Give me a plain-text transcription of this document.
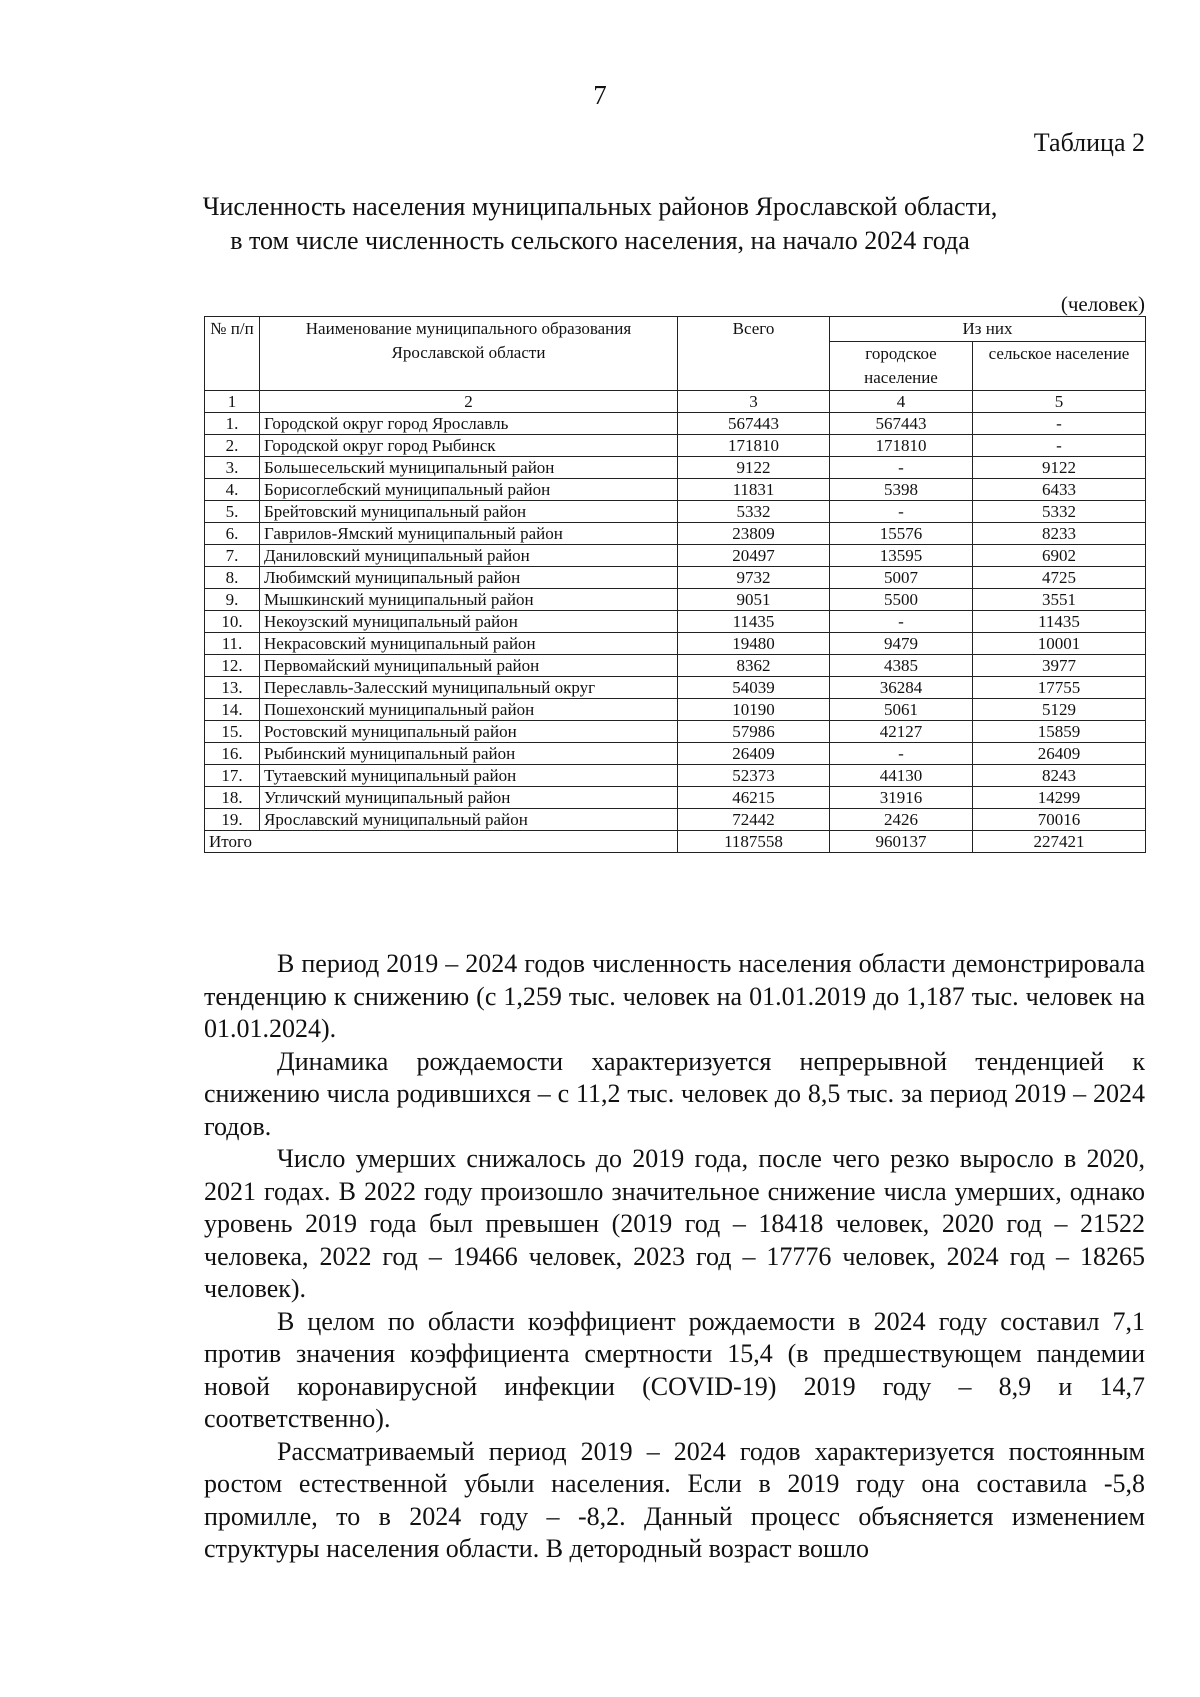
7
Таблица 2
Численность населения муниципальных районов Ярославской области,
в том числе численность сельского населения, на начало 2024 года
(человек)
№ п/п	Наименование муниципального образования Ярославской области	Всего	Из них	
			городское население	сельское население
1	2	3	4	5
1.	Городской округ город Ярославль	567443	567443	-
2.	Городской округ город Рыбинск	171810	171810	-
3.	Большесельский муниципальный район	9122	-	9122
4.	Борисоглебский муниципальный район	11831	5398	6433
5.	Брейтовский муниципальный район	5332	-	5332
6.	Гаврилов-Ямский муниципальный район	23809	15576	8233
7.	Даниловский муниципальный район	20497	13595	6902
8.	Любимский муниципальный район	9732	5007	4725
9.	Мышкинский муниципальный район	9051	5500	3551
10.	Некоузский муниципальный район	11435	-	11435
11.	Некрасовский муниципальный район	19480	9479	10001
12.	Первомайский муниципальный район	8362	4385	3977
13.	Переславль-Залесский муниципальный округ	54039	36284	17755
14.	Пошехонский муниципальный район	10190	5061	5129
15.	Ростовский муниципальный район	57986	42127	15859
16.	Рыбинский муниципальный район	26409	-	26409
17.	Тутаевский муниципальный район	52373	44130	8243
18.	Угличский муниципальный район	46215	31916	14299
19.	Ярославский муниципальный район	72442	2426	70016
Итого		1187558	960137	227421

В период 2019 – 2024 годов численность населения области демонстрировала тенденцию к снижению (с 1,259 тыс. человек на 01.01.2019 до 1,187 тыс. человек на 01.01.2024).

Динамика рождаемости характеризуется непрерывной тенденцией к снижению числа родившихся – с 11,2 тыс. человек до 8,5 тыс. за период 2019 – 2024 годов.

Число умерших снижалось до 2019 года, после чего резко выросло в 2020, 2021 годах. В 2022 году произошло значительное снижение числа умерших, однако уровень 2019 года был превышен (2019 год – 18418 человек, 2020 год – 21522 человека, 2022 год – 19466 человек, 2023 год – 17776 человек, 2024 год – 18265 человек).

В целом по области коэффициент рождаемости в 2024 году составил 7,1 против значения коэффициента смертности 15,4 (в предшествующем пандемии новой коронавирусной инфекции (COVID-19) 2019 году – 8,9 и 14,7 соответственно).

Рассматриваемый период 2019 – 2024 годов характеризуется постоянным ростом естественной убыли населения. Если в 2019 году она составила -5,8 промилле, то в 2024 году – -8,2. Данный процесс объясняется изменением структуры населения области. В детородный возраст вошло
